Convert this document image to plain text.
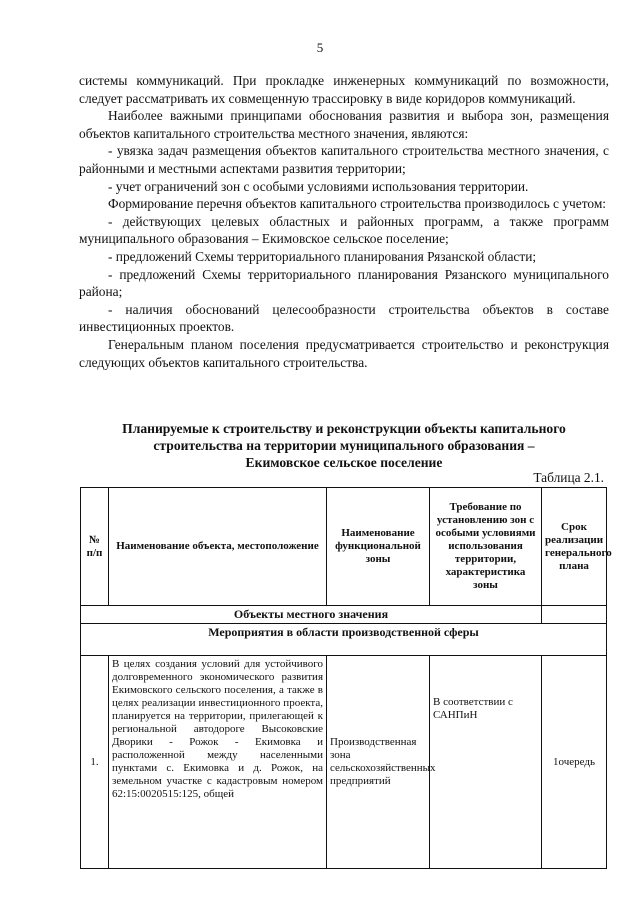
5

системы коммуникаций. При прокладке инженерных коммуникаций по возможности, следует рассматривать их совмещенную трассировку в виде коридоров коммуникаций.

Наиболее важными принципами обоснования развития и выбора зон, размещения объектов капитального строительства местного значения, являются:

- увязка задач размещения объектов капитального строительства местного значения, с районными и местными аспектами развития территории;

- учет ограничений зон с особыми условиями использования территории.

Формирование перечня объектов капитального строительства производилось с учетом:

- действующих целевых областных и районных программ, а также программ муниципального образования – Екимовское сельское поселение;

- предложений Схемы территориального планирования Рязанской области;

- предложений Схемы территориального планирования Рязанского муниципального района;

- наличия обоснований целесообразности строительства объектов в составе инвестиционных проектов.

Генеральным планом поселения предусматривается строительство и реконструкция следующих объектов капитального строительства.

Планируемые к строительству и реконструкции объекты капитального
строительства на территории муниципального образования –
Екимовское сельское поселение
Таблица 2.1.
№ п/п	Наименование объекта, местоположение	Наименование функциональной зоны	Требование по установлению зон с особыми условиями использования территории, характеристика зоны	Срок реализации генерального плана
Объекты местного значения				
Мероприятия в области производственной сферы				
1.	В целях создания условий для устойчивого долговременного экономического развития Екимовского сельского поселения, а также в целях реализации инвестиционного проекта, планируется на территории, прилегающей к региональной автодороге Высоковские Дворики - Рожок - Екимовка и расположенной между населенными пунктами с. Екимовка и д. Рожок, на земельном участке с кадастровым номером 62:15:0020515:125, общей	Производственная зона сельскохозяйственных предприятий	В соответствии с САНПиН	1очередь
